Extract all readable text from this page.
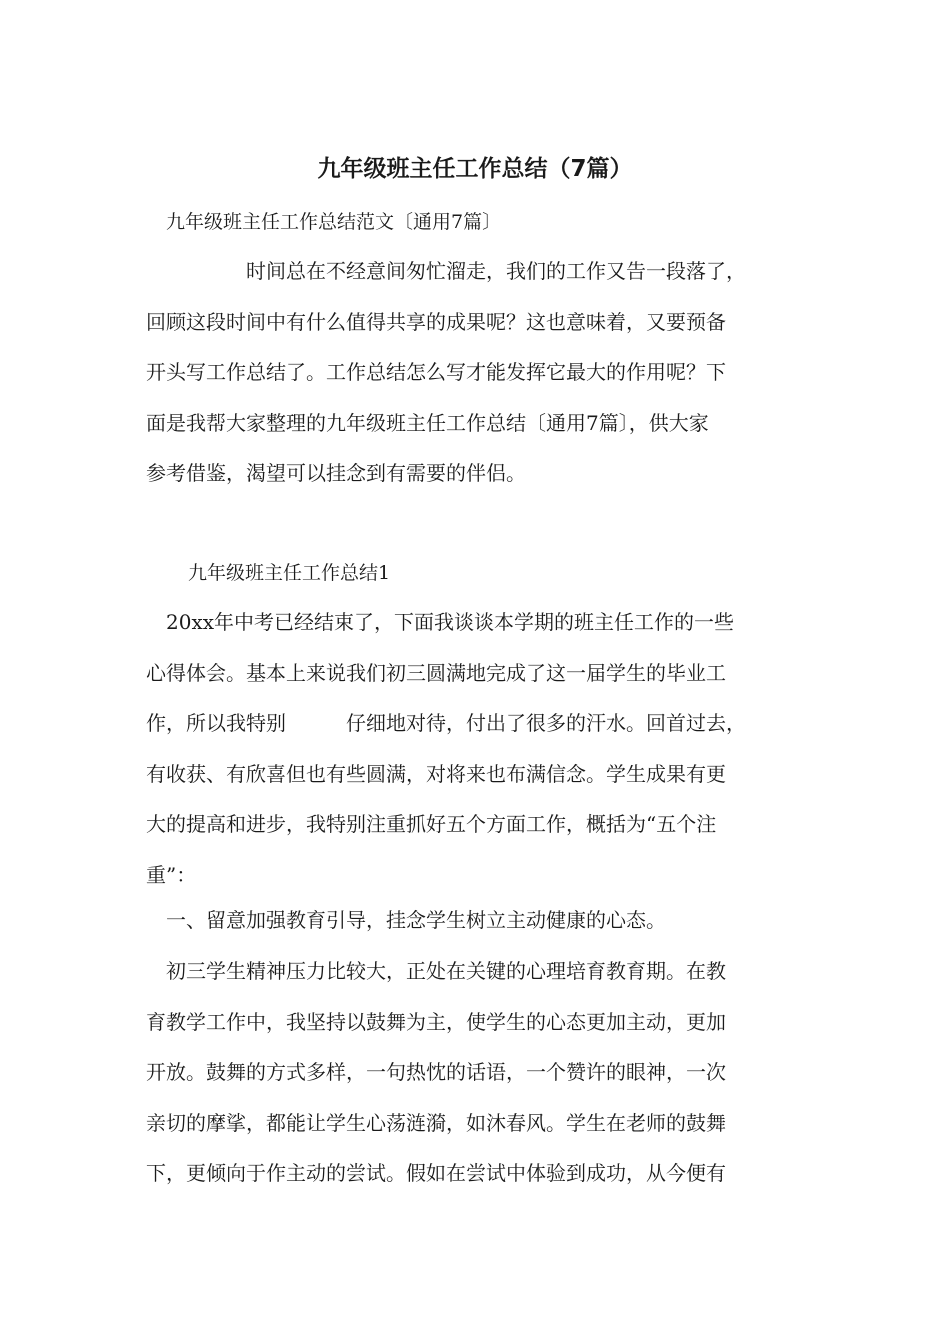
九年级班主任工作总结（7篇）

九年级班主任工作总结范文〔通用7篇〕

　　　　　时间总在不经意间匆忙溜走，我们的工作又告一段落了，
回顾这段时间中有什么值得共享的成果呢？这也意味着，又要预备
开头写工作总结了。工作总结怎么写才能发挥它最大的作用呢？下
面是我帮大家整理的九年级班主任工作总结〔通用7篇〕，供大家
参考借鉴，渴望可以挂念到有需要的伴侣。

九年级班主任工作总结1

　20xx年中考已经结束了，下面我谈谈本学期的班主任工作的一些
心得体会。基本上来说我们初三圆满地完成了这一届学生的毕业工
作，所以我特别　　　仔细地对待，付出了很多的汗水。回首过去，
有收获、有欣喜但也有些圆满，对将来也布满信念。学生成果有更
大的提高和进步，我特别注重抓好五个方面工作，概括为“五个注
重”：
　一、留意加强教育引导，挂念学生树立主动健康的心态。
　初三学生精神压力比较大，正处在关键的心理培育教育期。在教
育教学工作中，我坚持以鼓舞为主，使学生的心态更加主动，更加
开放。鼓舞的方式多样，一句热忱的话语，一个赞许的眼神，一次
亲切的摩挲，都能让学生心荡涟漪，如沐春风。学生在老师的鼓舞
下，更倾向于作主动的尝试。假如在尝试中体验到成功，从今便有
